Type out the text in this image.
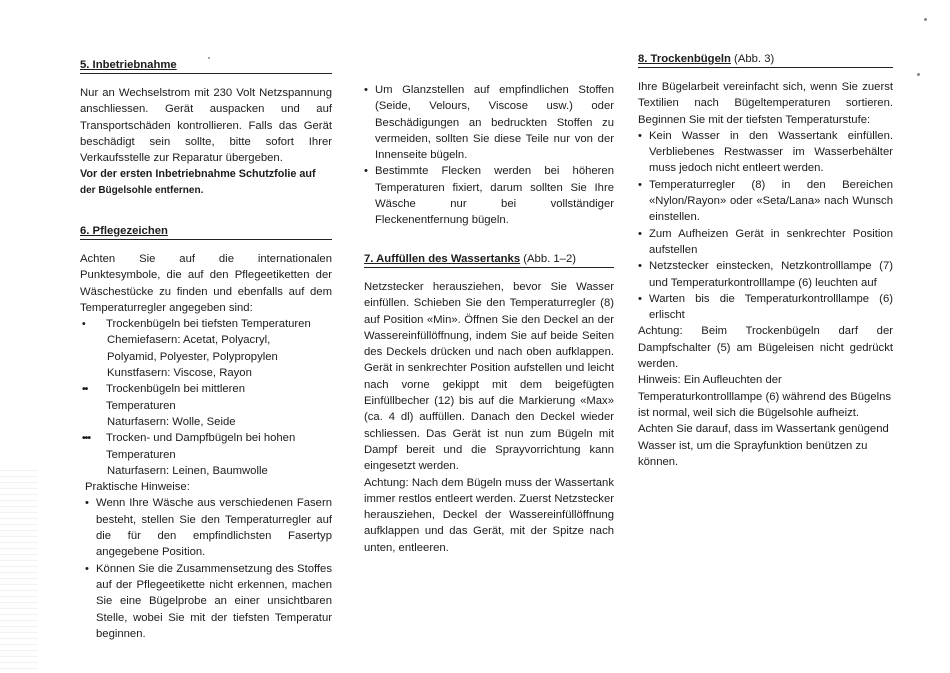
5. Inbetriebnahme

Nur an Wechselstrom mit 230 Volt Netzspannung anschliessen. Gerät auspacken und auf Transportschäden kontrollieren. Falls das Gerät beschädigt sein sollte, bitte sofort Ihrer Verkaufsstelle zur Reparatur übergeben.

Vor der ersten Inbetriebnahme Schutzfolie auf
der Bügelsohle entfernen.
6. Pflegezeichen

Achten Sie auf die internationalen Punktesymbole, die auf den Pflegeetiketten der Wäschestücke zu finden und ebenfalls auf dem Temperaturregler angegeben sind:

• Trockenbügeln bei tiefsten Temperaturen
Chemiefasern: Acetat, Polyacryl,
Polyamid, Polyester, Polypropylen
Kunstfasern: Viscose, Rayon
•• Trockenbügeln bei mittleren
Temperaturen
Naturfasern: Wolle, Seide
••• Trocken- und Dampfbügeln bei hohen
Temperaturen
Naturfasern: Leinen, Baumwolle
Praktische Hinweise:
• Wenn Ihre Wäsche aus verschiedenen Fasern besteht, stellen Sie den Temperaturregler auf die für den empfindlichsten Fasertyp angegebene Position.
• Können Sie die Zusammensetzung des Stoffes auf der Pflegeetikette nicht erkennen, machen Sie eine Bügelprobe an einer unsichtbaren Stelle, wobei Sie mit der tiefsten Temperatur beginnen.
• Um Glanzstellen auf empfindlichen Stoffen (Seide, Velours, Viscose usw.) oder Beschädigungen an bedruckten Stoffen zu vermeiden, sollten Sie diese Teile nur von der Innenseite bügeln.
• Bestimmte Flecken werden bei höheren Temperaturen fixiert, darum sollten Sie Ihre Wäsche nur bei vollständiger Fleckenentfernung bügeln.
7. Auffüllen des Wassertanks (Abb. 1–2)

Netzstecker herausziehen, bevor Sie Wasser einfüllen. Schieben Sie den Temperaturregler (8) auf Position «Min». Öffnen Sie den Deckel an der Wassereinfüllöffnung, indem Sie auf beide Seiten des Deckels drücken und nach oben aufklappen. Gerät in senkrechter Position aufstellen und leicht nach vorne gekippt mit dem beigefügten Einfüllbecher (12) bis auf die Markierung «Max» (ca. 4 dl) auffüllen. Danach den Deckel wieder schliessen. Das Gerät ist nun zum Bügeln mit Dampf bereit und die Sprayvorrichtung kann eingesetzt werden.

Achtung: Nach dem Bügeln muss der Wassertank immer restlos entleert werden. Zuerst Netzstecker herausziehen, Deckel der Wassereinfüllöffnung aufklappen und das Gerät, mit der Spitze nach unten, entleeren.

8. Trockenbügeln (Abb. 3)

Ihre Bügelarbeit vereinfacht sich, wenn Sie zuerst Textilien nach Bügeltemperaturen sortieren. Beginnen Sie mit der tiefsten Temperaturstufe:

• Kein Wasser in den Wassertank einfüllen. Verbliebenes Restwasser im Wasserbehälter muss jedoch nicht entleert werden.
• Temperaturregler (8) in den Bereichen «Nylon/Rayon» oder «Seta/Lana» nach Wunsch einstellen.
• Zum Aufheizen Gerät in senkrechter Position aufstellen
• Netzstecker einstecken, Netzkontrolllampe (7) und Temperaturkontrolllampe (6) leuchten auf
• Warten bis die Temperaturkontrolllampe (6) erlischt

Achtung: Beim Trockenbügeln darf der Dampfschalter (5) am Bügeleisen nicht gedrückt werden.

Hinweis: Ein Aufleuchten der Temperaturkontrolllampe (6) während des Bügelns ist normal, weil sich die Bügelsohle aufheizt. Achten Sie darauf, dass im Wassertank genügend Wasser ist, um die Sprayfunktion benützen zu können.
